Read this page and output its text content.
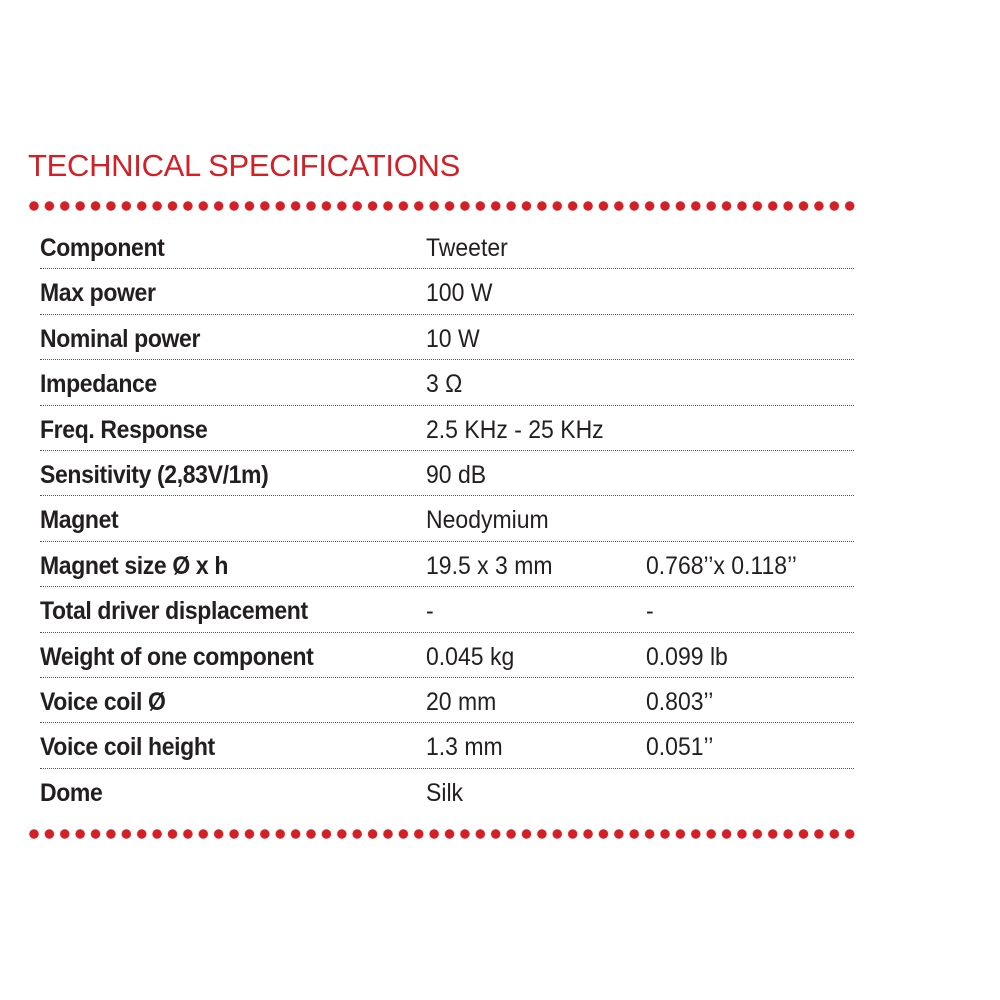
TECHNICAL SPECIFICATIONS
Component	Tweeter
Max power	100 W
Nominal power	10 W
Impedance	3 Ω
Freq. Response	2.5 KHz - 25 KHz
Sensitivity (2,83V/1m)	90 dB
Magnet	Neodymium
Magnet size Ø x h	19.5 x 3 mm	0.768’’x 0.118’’
Total driver displacement	-	-
Weight of one component	0.045 kg	0.099 lb
Voice coil Ø	20 mm	0.803’’
Voice coil height	1.3 mm	0.051’’
Dome	Silk
